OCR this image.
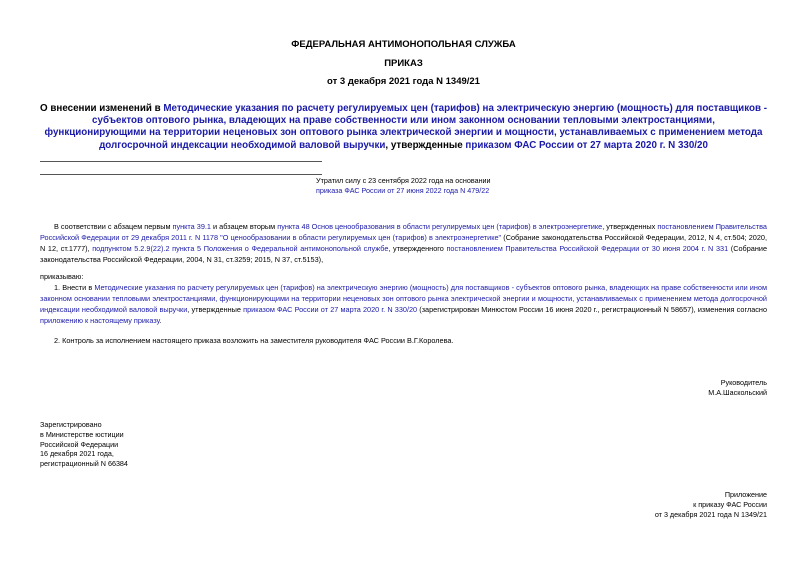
ФЕДЕРАЛЬНАЯ АНТИМОНОПОЛЬНАЯ СЛУЖБА
ПРИКАЗ
от 3 декабря 2021 года N 1349/21
О внесении изменений в Методические указания по расчету регулируемых цен (тарифов) на электрическую энергию (мощность) для поставщиков - субъектов оптового рынка, владеющих на праве собственности или ином законном основании тепловыми электростанциями, функционирующими на территории неценовых зон оптового рынка электрической энергии и мощности, устанавливаемых с применением метода долгосрочной индексации необходимой валовой выручки, утвержденные приказом ФАС России от 27 марта 2020 г. N 330/20
Утратил силу с 23 сентября 2022 года на основании
приказа ФАС России от 27 июня 2022 года N 479/22
В соответствии с абзацем первым пункта 39.1 и абзацем вторым пункта 48 Основ ценообразования в области регулируемых цен (тарифов) в электроэнергетике, утвержденных постановлением Правительства Российской Федерации от 29 декабря 2011 г. N 1178 "О ценообразовании в области регулируемых цен (тарифов) в электроэнергетике" (Собрание законодательства Российской Федерации, 2012, N 4, ст.504; 2020, N 12, ст.1777), подпунктом 5.2.9(22).2 пункта 5 Положения о Федеральной антимонопольной службе, утвержденного постановлением Правительства Российской Федерации от 30 июня 2004 г. N 331 (Собрание законодательства Российской Федерации, 2004, N 31, ст.3259; 2015, N 37, ст.5153),
приказываю:
1. Внести в Методические указания по расчету регулируемых цен (тарифов) на электрическую энергию (мощность) для поставщиков - субъектов оптового рынка, владеющих на праве собственности или ином законном основании тепловыми электростанциями, функционирующими на территории неценовых зон оптового рынка электрической энергии и мощности, устанавливаемых с применением метода долгосрочной индексации необходимой валовой выручки, утвержденные приказом ФАС России от 27 марта 2020 г. N 330/20 (зарегистрирован Минюстом России 16 июня 2020 г., регистрационный N 58657), изменения согласно приложению к настоящему приказу.
2. Контроль за исполнением настоящего приказа возложить на заместителя руководителя ФАС России В.Г.Королева.
Руководитель
М.А.Шаскольский
Зарегистрировано
в Министерстве юстиции
Российской Федерации
16 декабря 2021 года,
регистрационный N 66384
Приложение
к приказу ФАС России
от 3 декабря 2021 года N 1349/21
